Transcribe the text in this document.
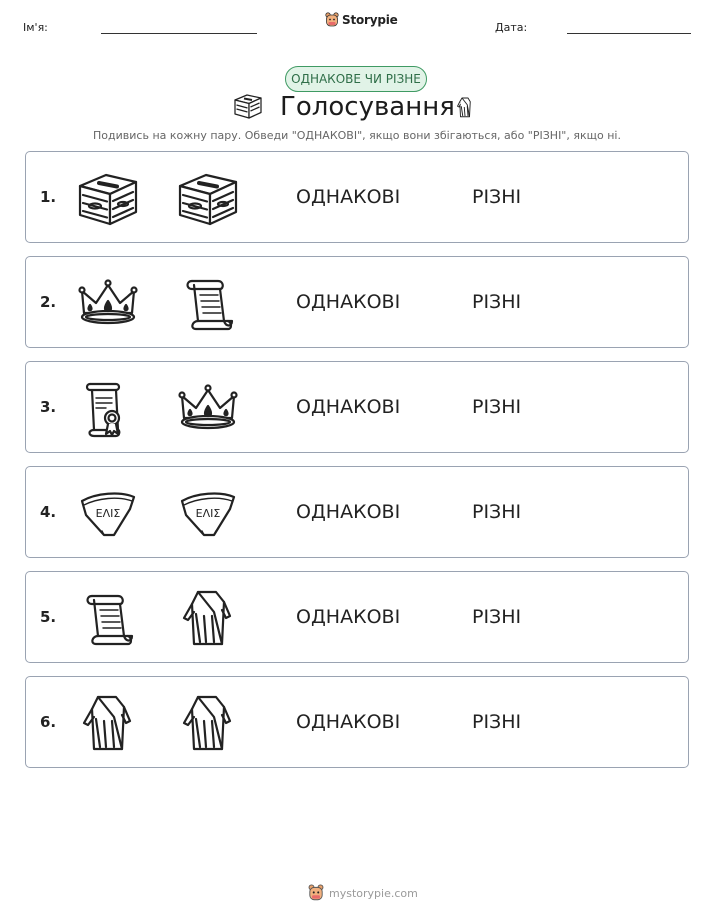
Ім'я:
Storypie
Дата:
ОДНАКОВЕ ЧИ РІЗНЕ
Голосування
Подивись на кожну пару. Обведи "ОДНАКОВІ", якщо вони збігаються, або "РІЗНІ", якщо ні.
1.	ОДНАКОВІ	РІЗНІ
2.	ОДНАКОВІ	РІЗНІ
3.	ОДНАКОВІ	РІЗНІ
4.	ΕΛΙΣ	ΕΛΙΣ	ОДНАКОВІ	РІЗНІ
5.	ОДНАКОВІ	РІЗНІ
6.	ОДНАКОВІ	РІЗНІ
mystorypie.com
